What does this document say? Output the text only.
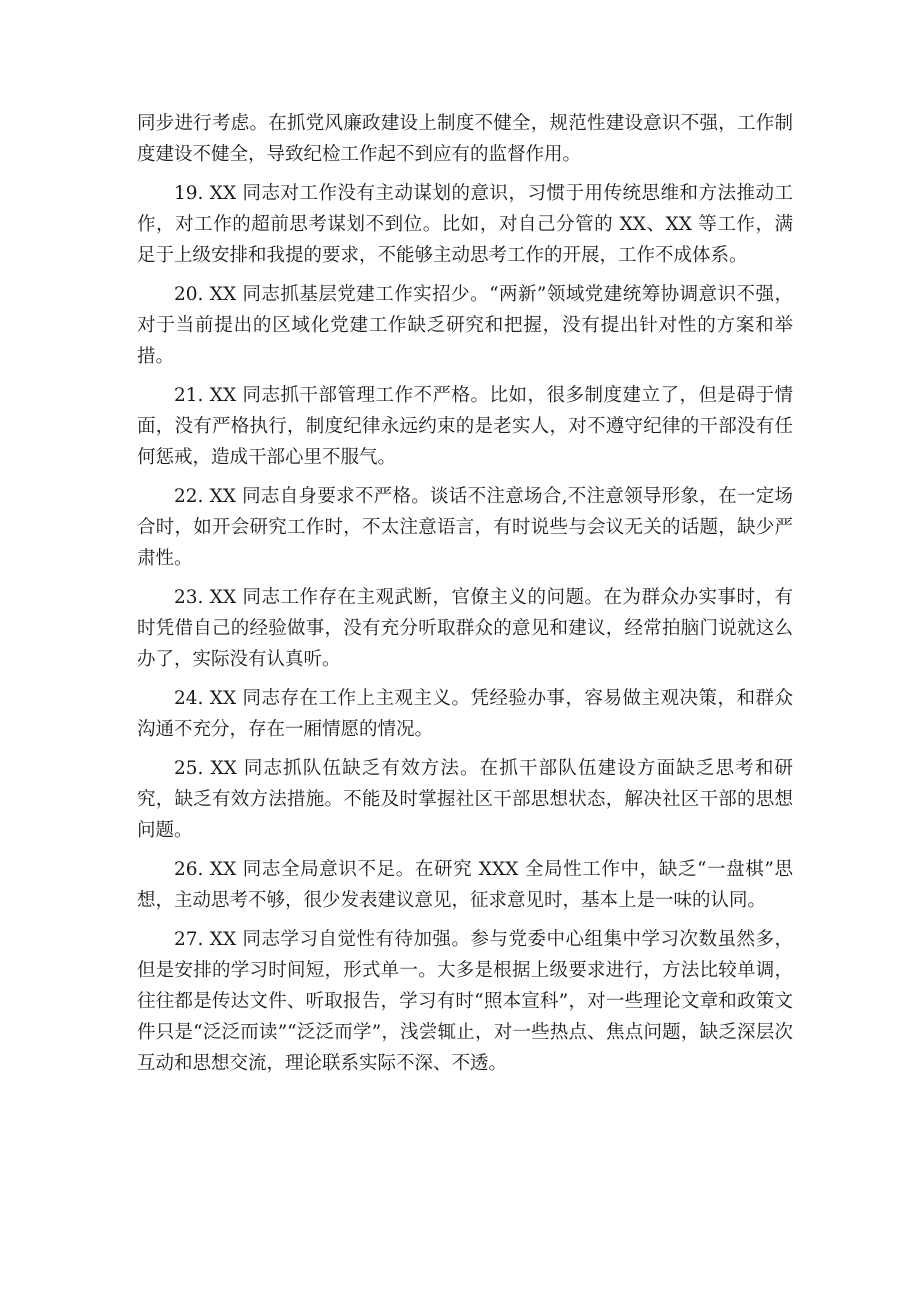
同步进行考虑。在抓党风廉政建设上制度不健全，规范性建设意识不强，工作制度建设不健全，导致纪检工作起不到应有的监督作用。

19. XX 同志对工作没有主动谋划的意识，习惯于用传统思维和方法推动工作，对工作的超前思考谋划不到位。比如，对自己分管的 XX、XX 等工作，满足于上级安排和我提的要求，不能够主动思考工作的开展，工作不成体系。

20. XX 同志抓基层党建工作实招少。“两新”领域党建统筹协调意识不强，对于当前提出的区域化党建工作缺乏研究和把握，没有提出针对性的方案和举措。

21. XX 同志抓干部管理工作不严格。比如，很多制度建立了，但是碍于情面，没有严格执行，制度纪律永远约束的是老实人，对不遵守纪律的干部没有任何惩戒，造成干部心里不服气。

22. XX 同志自身要求不严格。谈话不注意场合,不注意领导形象，在一定场合时，如开会研究工作时，不太注意语言，有时说些与会议无关的话题，缺少严肃性。

23. XX 同志工作存在主观武断，官僚主义的问题。在为群众办实事时，有时凭借自己的经验做事，没有充分听取群众的意见和建议，经常拍脑门说就这么办了，实际没有认真听。

24. XX 同志存在工作上主观主义。凭经验办事，容易做主观决策，和群众沟通不充分，存在一厢情愿的情况。

25. XX 同志抓队伍缺乏有效方法。在抓干部队伍建设方面缺乏思考和研究，缺乏有效方法措施。不能及时掌握社区干部思想状态，解决社区干部的思想问题。

26. XX 同志全局意识不足。在研究 XXX 全局性工作中，缺乏“一盘棋”思想，主动思考不够，很少发表建议意见，征求意见时，基本上是一味的认同。

27. XX 同志学习自觉性有待加强。参与党委中心组集中学习次数虽然多，但是安排的学习时间短，形式单一。大多是根据上级要求进行，方法比较单调，往往都是传达文件、听取报告，学习有时“照本宣科”，对一些理论文章和政策文件只是“泛泛而读”“泛泛而学”，浅尝辄止，对一些热点、焦点问题，缺乏深层次互动和思想交流，理论联系实际不深、不透。
